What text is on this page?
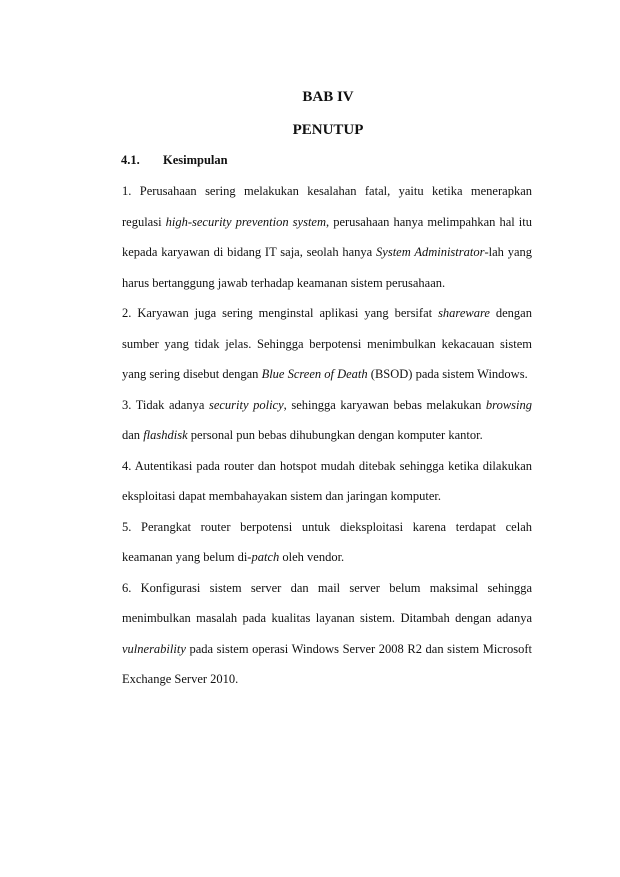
BAB IV
PENUTUP
4.1. Kesimpulan

1. Perusahaan sering melakukan kesalahan fatal, yaitu ketika menerapkan regulasi high-security prevention system, perusahaan hanya melimpahkan hal itu kepada karyawan di bidang IT saja, seolah hanya System Administrator-lah yang harus bertanggung jawab terhadap keamanan sistem perusahaan.

2. Karyawan juga sering menginstal aplikasi yang bersifat shareware dengan sumber yang tidak jelas. Sehingga berpotensi menimbulkan kekacauan sistem yang sering disebut dengan Blue Screen of Death (BSOD) pada sistem Windows.

3. Tidak adanya security policy, sehingga karyawan bebas melakukan browsing dan flashdisk personal pun bebas dihubungkan dengan komputer kantor.

4. Autentikasi pada router dan hotspot mudah ditebak sehingga ketika dilakukan eksploitasi dapat membahayakan sistem dan jaringan komputer.

5. Perangkat router berpotensi untuk dieksploitasi karena terdapat celah keamanan yang belum di-patch oleh vendor.

6. Konfigurasi sistem server dan mail server belum maksimal sehingga menimbulkan masalah pada kualitas layanan sistem. Ditambah dengan adanya vulnerability pada sistem operasi Windows Server 2008 R2 dan sistem Microsoft Exchange Server 2010.
